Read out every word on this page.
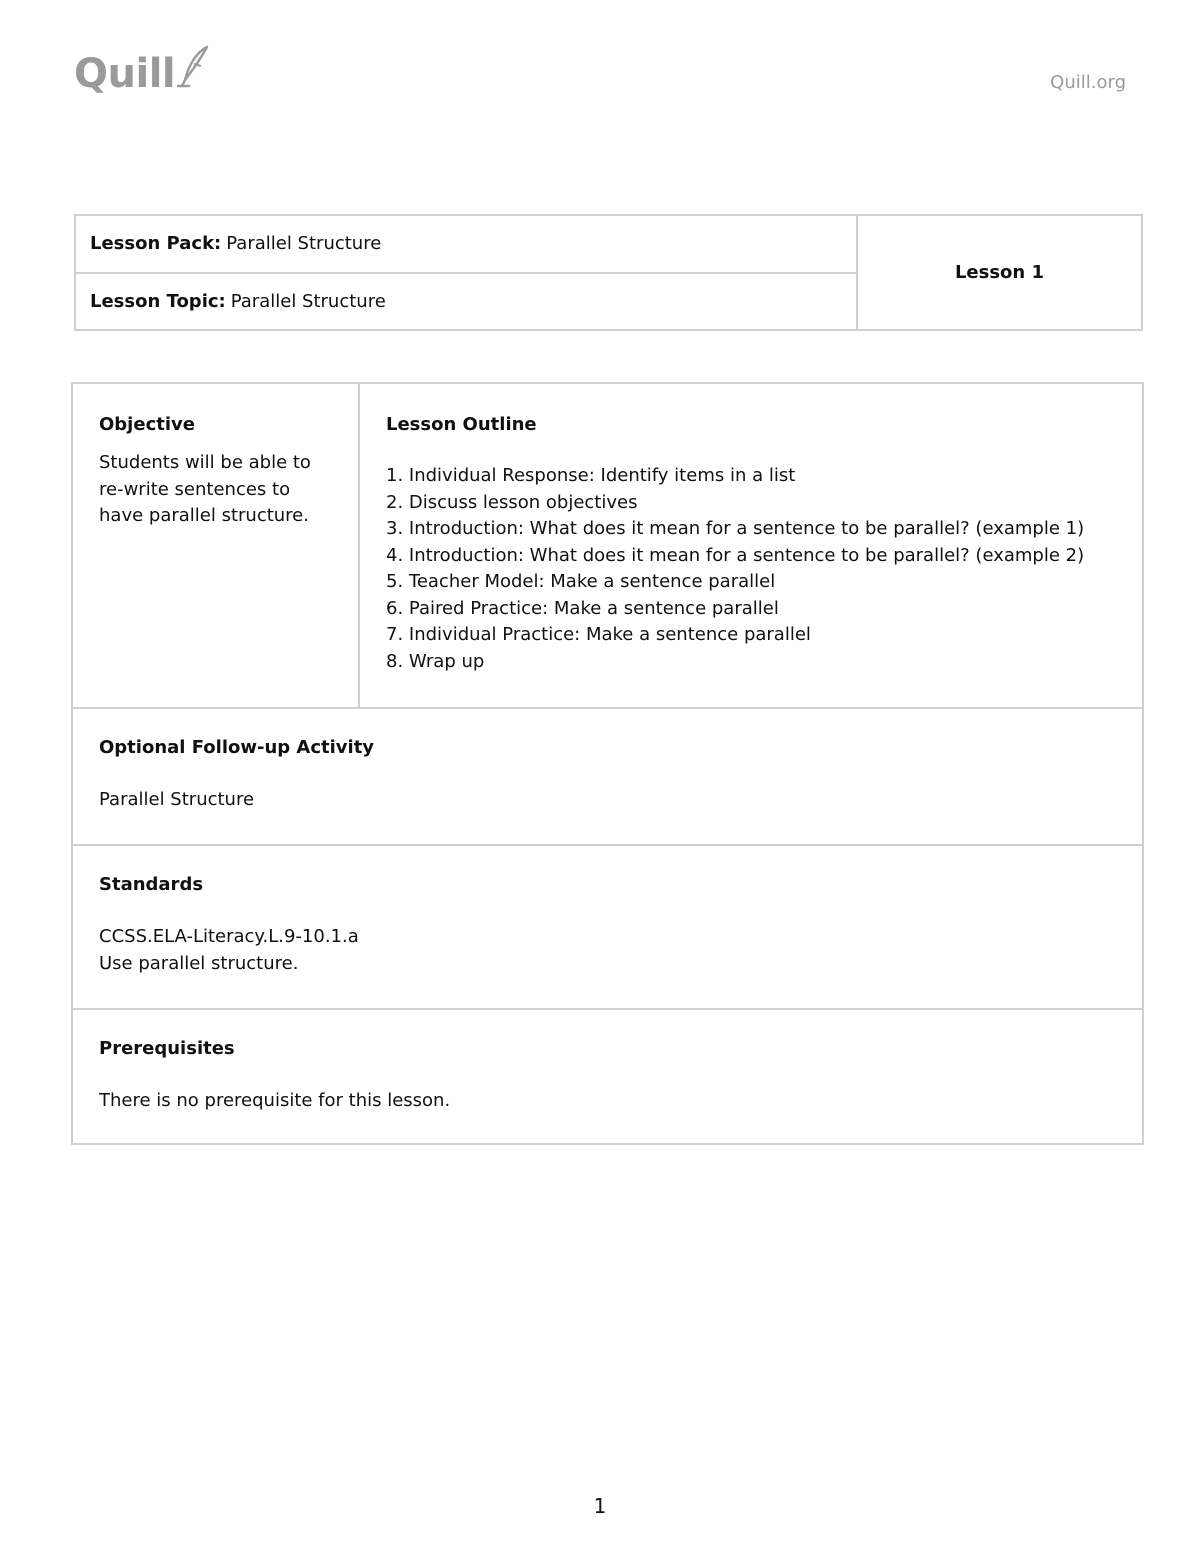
Quill	Quill.org
Lesson Pack: Parallel Structure
Lesson Topic: Parallel Structure
Lesson 1

Objective

Students will be able to re-write sentences to have parallel structure.

Lesson Outline

1. Individual Response: Identify items in a list
2. Discuss lesson objectives
3. Introduction: What does it mean for a sentence to be parallel? (example 1)
4. Introduction: What does it mean for a sentence to be parallel? (example 2)
5. Teacher Model: Make a sentence parallel
6. Paired Practice: Make a sentence parallel
7. Individual Practice: Make a sentence parallel
8. Wrap up

Optional Follow-up Activity

Parallel Structure

Standards

CCSS.ELA-Literacy.L.9-10.1.a

Use parallel structure.

Prerequisites

There is no prerequisite for this lesson.

1
